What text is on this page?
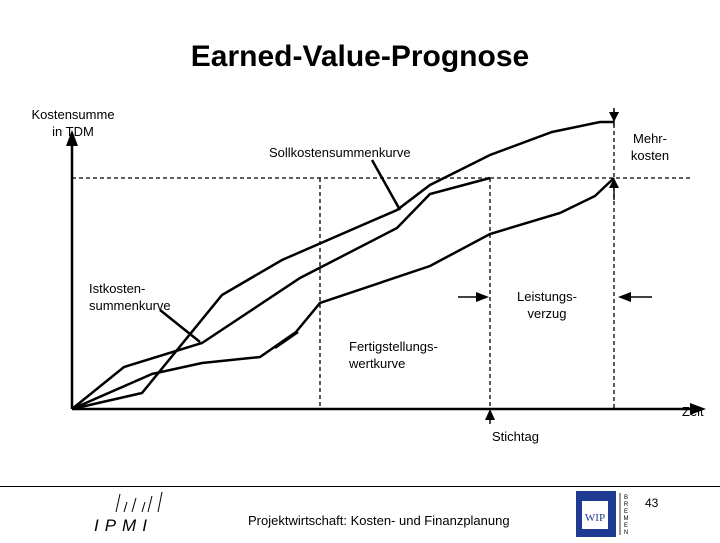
Earned-Value-Prognose
Kostensumme
in TDM
Zeit
Sollkostensummenkurve
Istkosten-
summenkurve
Fertigstellungs-
wertkurve
Leistungs-
verzug
Mehr-
kosten
Stichtag
IPMI	Projektwirtschaft: Kosten- und Finanzplanung	WIP
B
R
E
M
E
N
43
